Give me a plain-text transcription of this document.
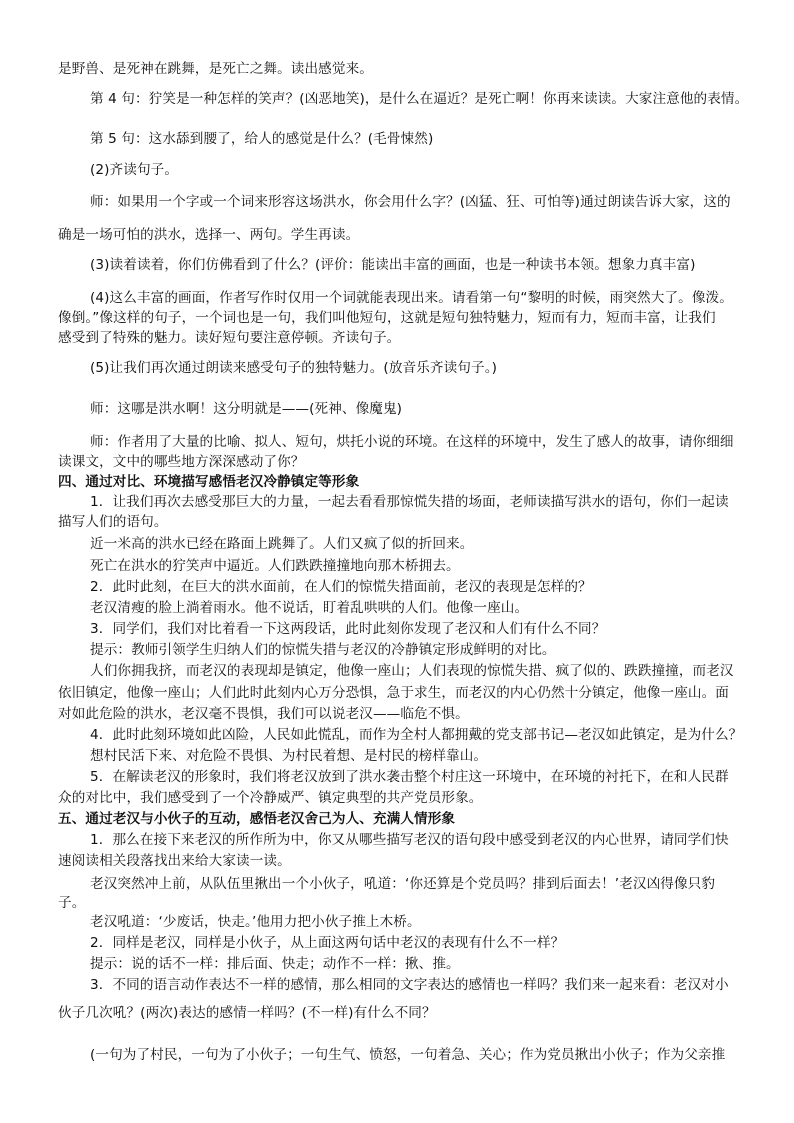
是野兽、是死神在跳舞，是死亡之舞。读出感觉来。
第 4 句：狞笑是一种怎样的笑声？(凶恶地笑)，是什么在逼近？是死亡啊！你再来读读。大家注意他的表情。
第 5 句：这水舔到腰了，给人的感觉是什么？(毛骨悚然)
(2)齐读句子。
师：如果用一个字或一个词来形容这场洪水，你会用什么字？(凶猛、狂、可怕等)通过朗读告诉大家，这的
确是一场可怕的洪水，选择一、两句。学生再读。
(3)读着读着，你们仿佛看到了什么？(评价：能读出丰富的画面，也是一种读书本领。想象力真丰富)
(4)这么丰富的画面，作者写作时仅用一个词就能表现出来。请看第一句“黎明的时候，雨突然大了。像泼。
像倒。”像这样的句子，一个词也是一句，我们叫他短句，这就是短句独特魅力，短而有力，短而丰富，让我们
感受到了特殊的魅力。读好短句要注意停顿。齐读句子。
(5)让我们再次通过朗读来感受句子的独特魅力。(放音乐齐读句子。)
师：这哪是洪水啊！这分明就是——(死神、像魔鬼)
师：作者用了大量的比喻、拟人、短句，烘托小说的环境。在这样的环境中，发生了感人的故事，请你细细
读课文，文中的哪些地方深深感动了你？
四、通过对比、环境描写感悟老汉冷静镇定等形象
1．让我们再次去感受那巨大的力量，一起去看看那惊慌失措的场面，老师读描写洪水的语句，你们一起读
描写人们的语句。
近一米高的洪水已经在路面上跳舞了。人们又疯了似的折回来。
死亡在洪水的狞笑声中逼近。人们跌跌撞撞地向那木桥拥去。
2．此时此刻，在巨大的洪水面前，在人们的惊慌失措面前，老汉的表现是怎样的？
老汉清瘦的脸上淌着雨水。他不说话，盯着乱哄哄的人们。他像一座山。
3．同学们，我们对比着看一下这两段话，此时此刻你发现了老汉和人们有什么不同？
提示：教师引领学生归纳人们的惊慌失措与老汉的冷静镇定形成鲜明的对比。
人们你拥我挤，而老汉的表现却是镇定，他像一座山；人们表现的惊慌失措、疯了似的、跌跌撞撞，而老汉
依旧镇定，他像一座山；人们此时此刻内心万分恐惧，急于求生，而老汉的内心仍然十分镇定，他像一座山。面
对如此危险的洪水，老汉毫不畏惧，我们可以说老汉——临危不惧。
4．此时此刻环境如此凶险，人民如此慌乱，而作为全村人都拥戴的党支部书记—老汉如此镇定，是为什么？
想村民活下来、对危险不畏惧、为村民着想、是村民的榜样靠山。
5．在解读老汉的形象时，我们将老汉放到了洪水袭击整个村庄这一环境中，在环境的衬托下，在和人民群
众的对比中，我们感受到了一个冷静威严、镇定典型的共产党员形象。
五、通过老汉与小伙子的互动，感悟老汉舍己为人、充满人情形象
1．那么在接下来老汉的所作所为中，你又从哪些描写老汉的语句段中感受到老汉的内心世界，请同学们快
速阅读相关段落找出来给大家读一读。
老汉突然冲上前，从队伍里揪出一个小伙子，吼道：‘你还算是个党员吗？排到后面去！’老汉凶得像只豹
子。
老汉吼道：‘少废话，快走。’他用力把小伙子推上木桥。
2．同样是老汉，同样是小伙子，从上面这两句话中老汉的表现有什么不一样？
提示：说的话不一样：排后面、快走；动作不一样：揪、推。
3．不同的语言动作表达不一样的感情，那么相同的文字表达的感情也一样吗？我们来一起来看：老汉对小
伙子几次吼？(两次)表达的感情一样吗？(不一样)有什么不同？
(一句为了村民，一句为了小伙子；一句生气、愤怒，一句着急、关心；作为党员揪出小伙子；作为父亲推
